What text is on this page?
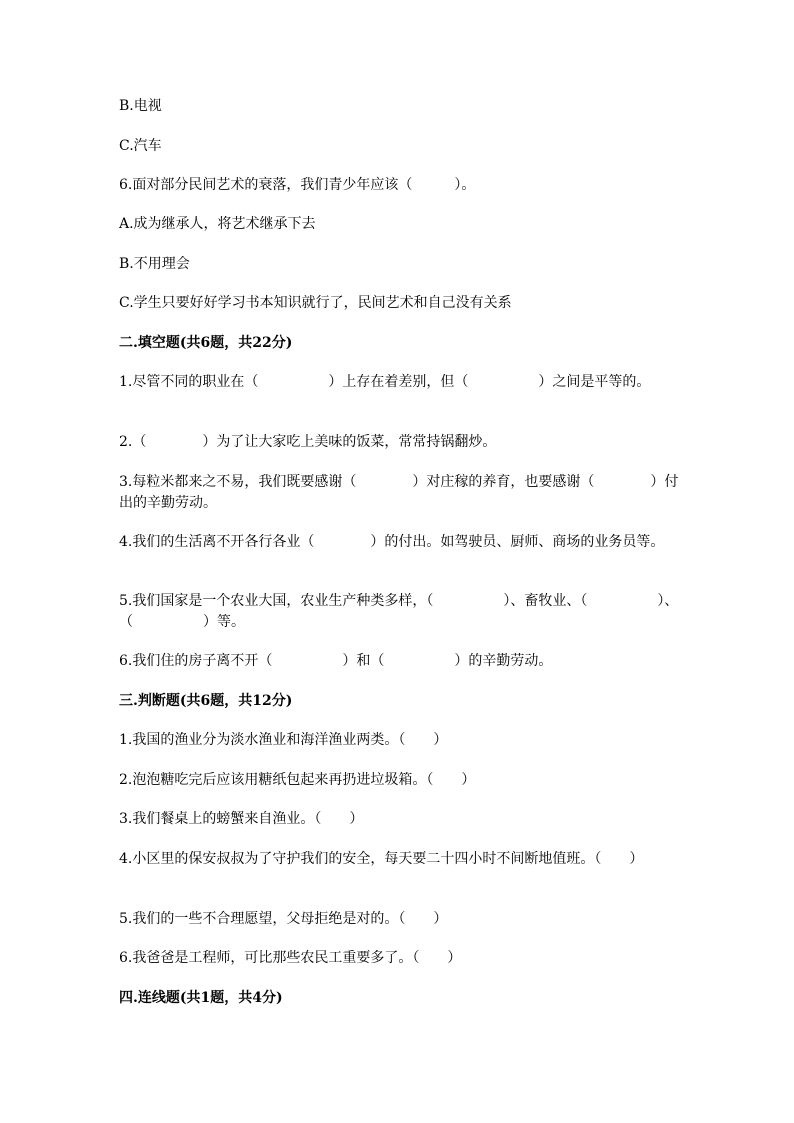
B.电视
C.汽车
6.面对部分民间艺术的衰落，我们青少年应该（　　　）。
A.成为继承人，将艺术继承下去
B.不用理会
C.学生只要好好学习书本知识就行了，民间艺术和自己没有关系
二.填空题(共6题，共22分)
1.尽管不同的职业在（　　　　　）上存在着差别，但（　　　　　）之间是平等的。
2.（　　　　）为了让大家吃上美味的饭菜，常常持锅翻炒。
3.每粒米都来之不易，我们既要感谢（　　　　）对庄稼的养育，也要感谢（　　　　）付出的辛勤劳动。
4.我们的生活离不开各行各业（　　　　）的付出。如驾驶员、厨师、商场的业务员等。
5.我们国家是一个农业大国，农业生产种类多样，（　　　　　）、畜牧业、（　　　　　）、（　　　　　）等。
6.我们住的房子离不开（　　　　　）和（　　　　　）的辛勤劳动。
三.判断题(共6题，共12分)
1.我国的渔业分为淡水渔业和海洋渔业两类。（　　）
2.泡泡糖吃完后应该用糖纸包起来再扔进垃圾箱。（　　）
3.我们餐桌上的螃蟹来自渔业。（　　）
4.小区里的保安叔叔为了守护我们的安全，每天要二十四小时不间断地值班。（　　）
5.我们的一些不合理愿望，父母拒绝是对的。（　　）
6.我爸爸是工程师，可比那些农民工重要多了。（　　）
四.连线题(共1题，共4分)
